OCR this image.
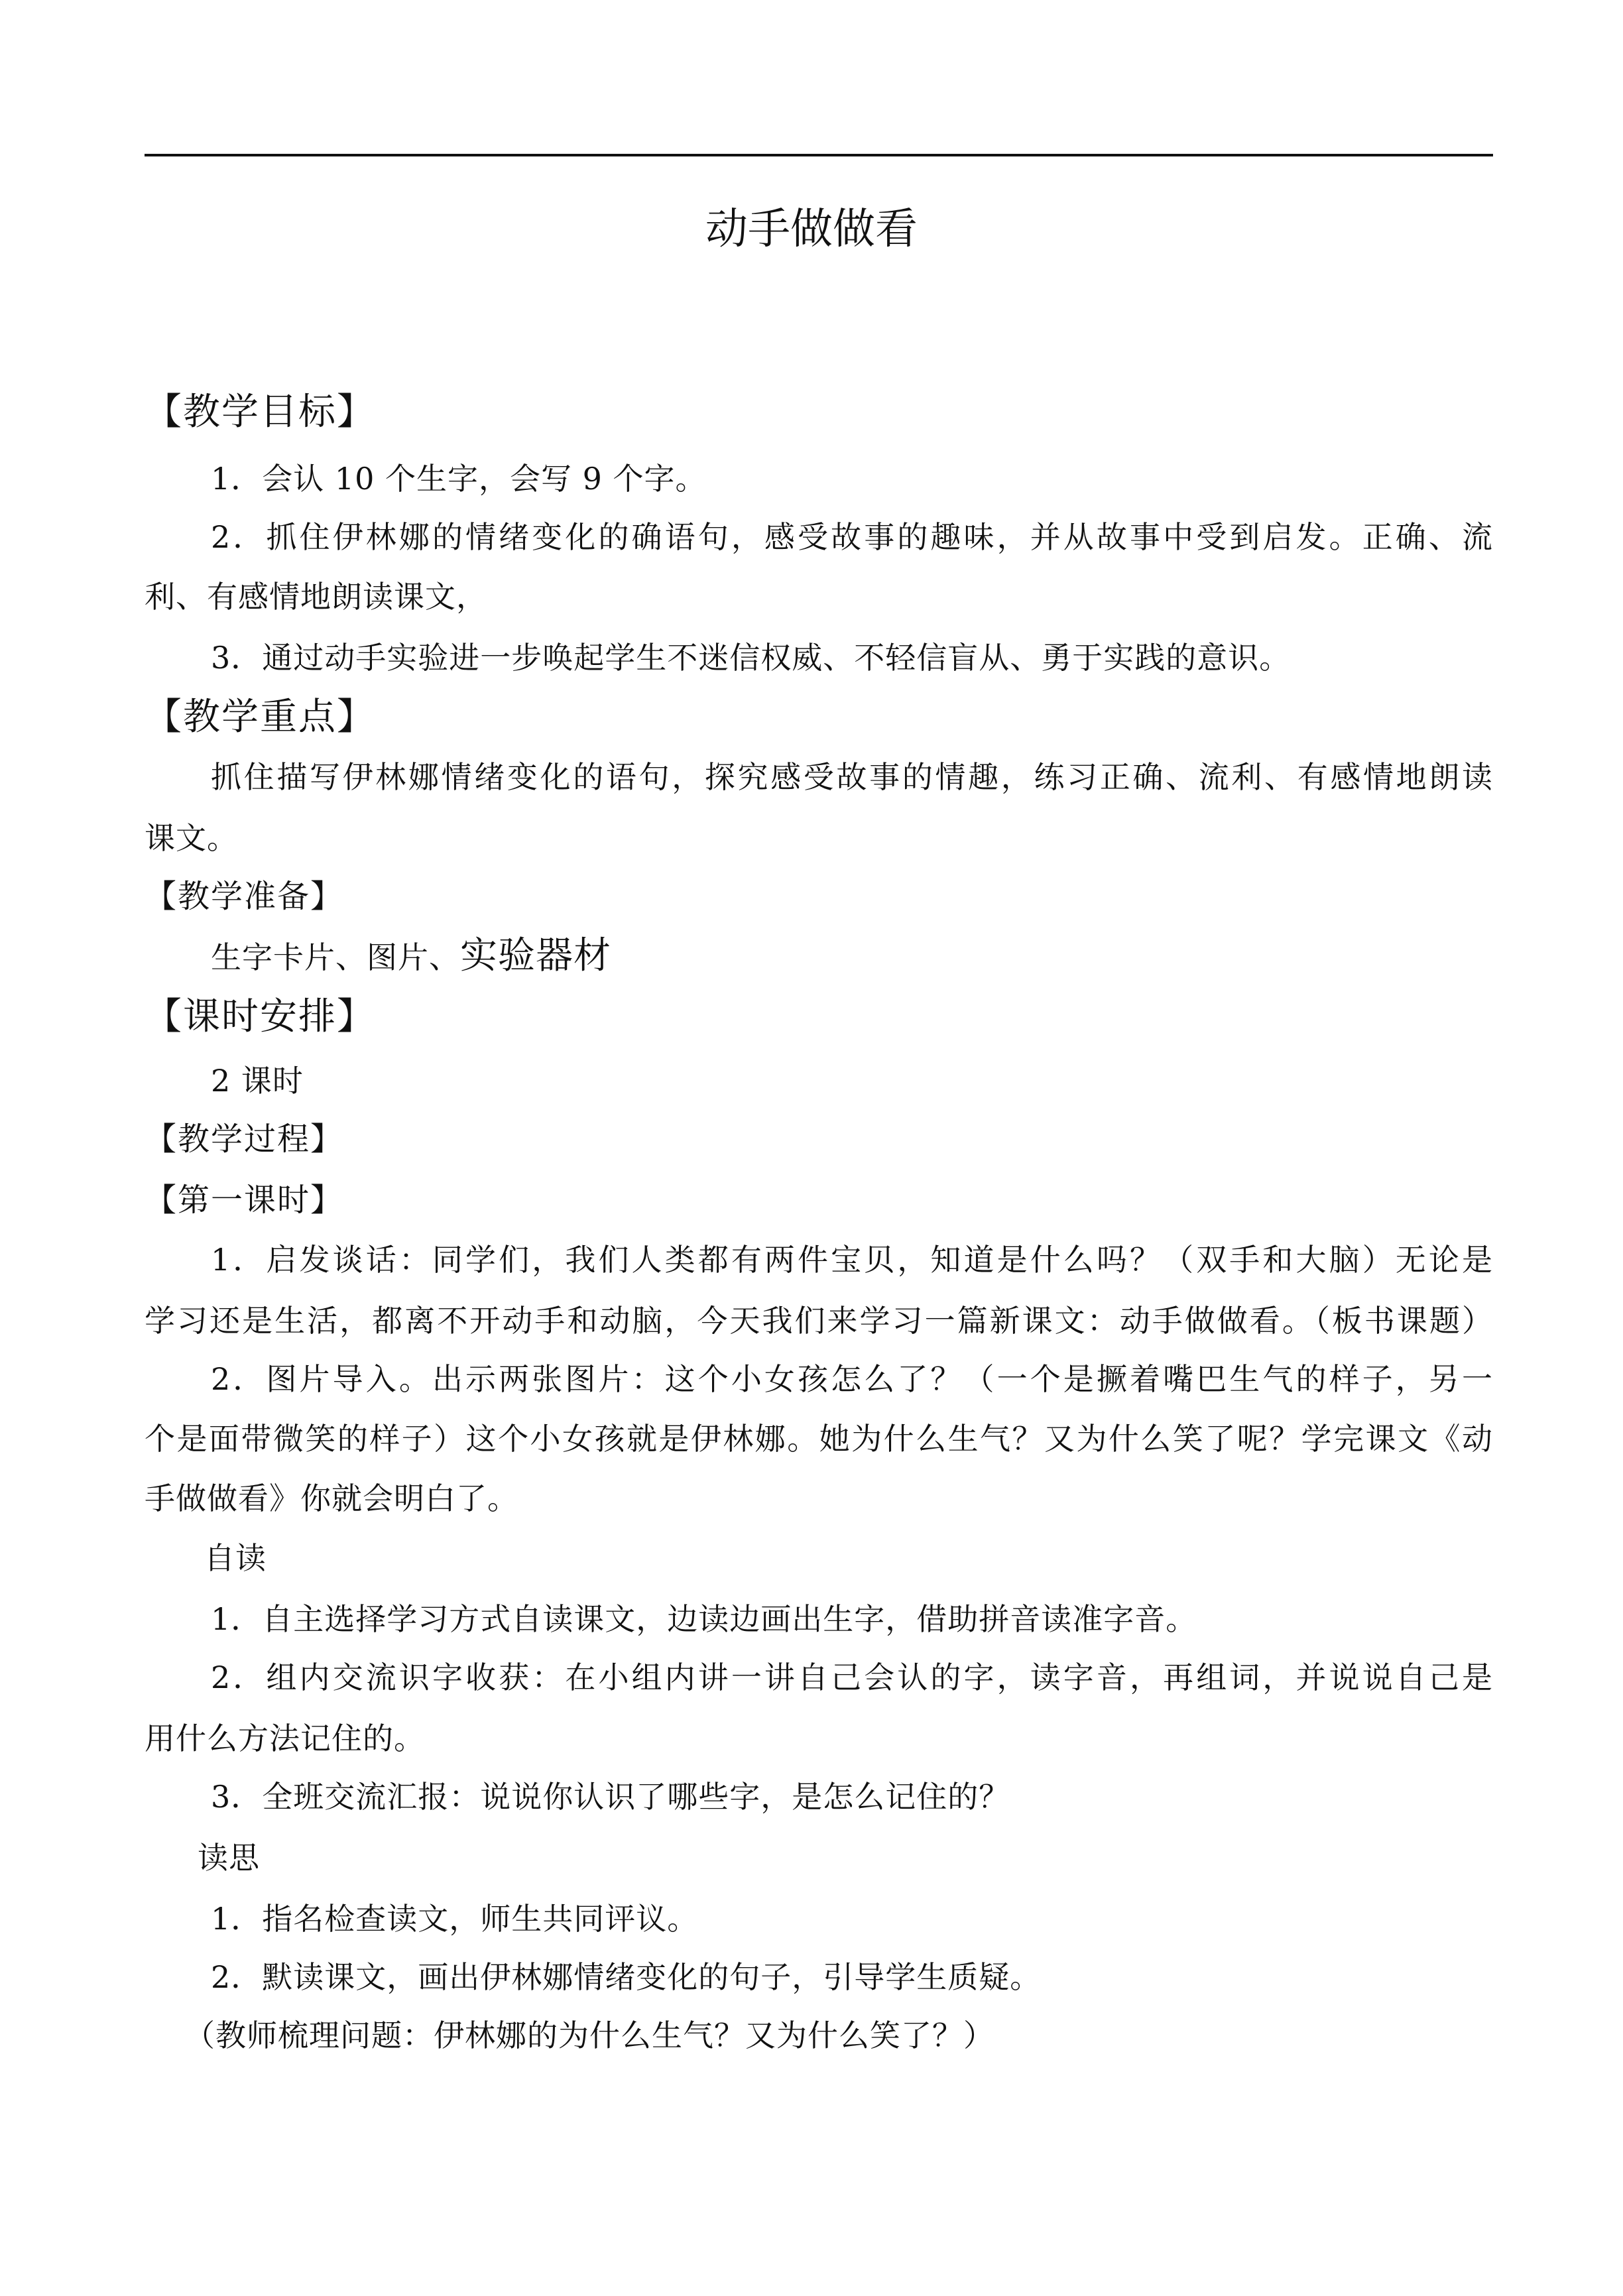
动手做做看
【教学目标】
1．会认 10 个生字，会写 9 个字。
2．抓住伊林娜的情绪变化的确语句，感受故事的趣味，并从故事中受到启发。正确、流
利、有感情地朗读课文，
3．通过动手实验进一步唤起学生不迷信权威、不轻信盲从、勇于实践的意识。
【教学重点】
抓住描写伊林娜情绪变化的语句，探究感受故事的情趣，练习正确、流利、有感情地朗读
课文。
【教学准备】
生字卡片、图片、实验器材
【课时安排】
2 课时
【教学过程】
【第一课时】
1．启发谈话：同学们，我们人类都有两件宝贝，知道是什么吗？（双手和大脑）无论是
学习还是生活，都离不开动手和动脑，今天我们来学习一篇新课文：动手做做看。（板书课题）
2．图片导入。出示两张图片：这个小女孩怎么了？（一个是撅着嘴巴生气的样子，另一
个是面带微笑的样子）这个小女孩就是伊林娜。她为什么生气？又为什么笑了呢？学完课文《动
手做做看》你就会明白了。
自读
1．自主选择学习方式自读课文，边读边画出生字，借助拼音读准字音。
2．组内交流识字收获：在小组内讲一讲自己会认的字，读字音，再组词，并说说自己是
用什么方法记住的。
3．全班交流汇报：说说你认识了哪些字，是怎么记住的？
读思
1．指名检查读文，师生共同评议。
2．默读课文，画出伊林娜情绪变化的句子，引导学生质疑。
（教师梳理问题：伊林娜的为什么生气？又为什么笑了？）
